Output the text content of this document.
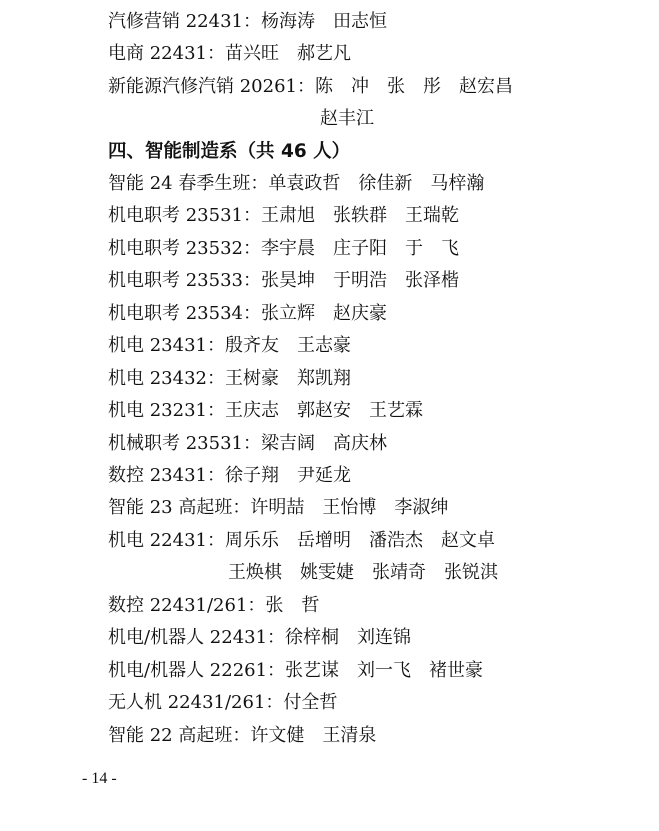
汽修营销 22431：杨海涛　田志恒
电商 22431：苗兴旺　郝艺凡
新能源汽修汽销 20261：陈　冲　张　彤　赵宏昌
赵丰江
四、智能制造系（共 46 人）
智能 24 春季生班：单袁政哲　徐佳新　马梓瀚
机电职考 23531：王肃旭　张轶群　王瑞乾
机电职考 23532：李宇晨　庄子阳　于　飞
机电职考 23533：张昊坤　于明浩　张泽楷
机电职考 23534：张立辉　赵庆豪
机电 23431：殷齐友　王志豪
机电 23432：王树豪　郑凯翔
机电 23231：王庆志　郭赵安　王艺霖
机械职考 23531：梁吉阔　高庆林
数控 23431：徐子翔　尹延龙
智能 23 高起班：许明喆　王怡博　李淑绅
机电 22431：周乐乐　岳增明　潘浩杰　赵文卓
王焕棋　姚雯婕　张靖奇　张锐淇
数控 22431/261：张　哲
机电/机器人 22431：徐梓桐　刘连锦
机电/机器人 22261：张艺谋　刘一飞　褚世豪
无人机 22431/261：付全哲
智能 22 高起班：许文健　王清泉
- 14 -
